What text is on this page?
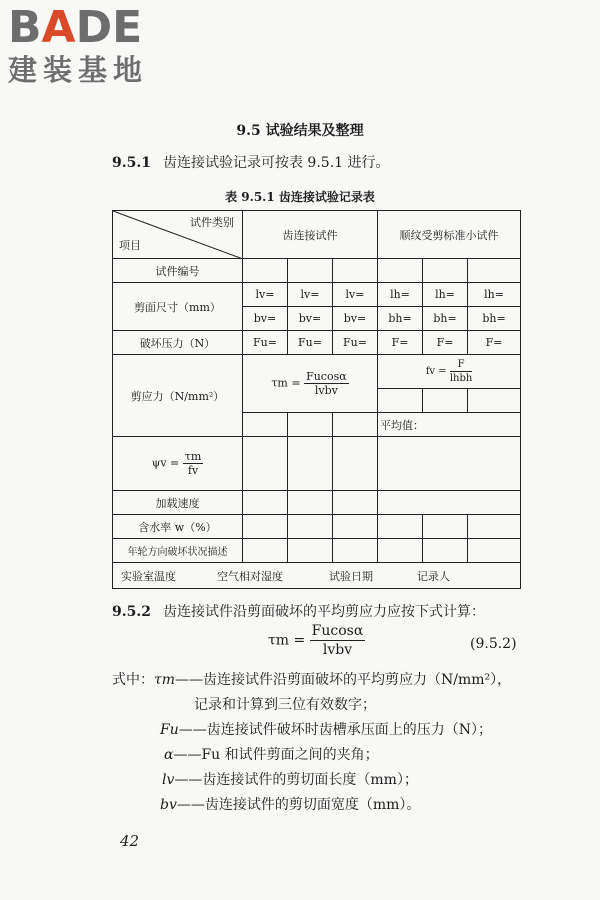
BADE
建装基地
9.5 试验结果及整理
9.5.1 齿连接试验记录可按表 9.5.1 进行。
表 9.5.1 齿连接试验记录表
试件类别
项目	齿连接试件			顺纹受剪标准小试件		
试件编号						
剪面尺寸（mm）	lv=	lv=	lv=	lh=	lh=	lh=
	bv=	bv=	bv=	bh=	bh=	bh=
破坏压力（N）	Fu=	Fu=	Fu=	F=	F=	F=
剪应力（N/mm²）	$\tau m = \frac{Fucos\alpha}{\text{lvbv}}$			fv = $\frac{F}{\text{lhbh}}$

				平均值：		
$\psi v = \frac{\tau m}{fv}$

加载速度						
含水率 w（%）						
年轮方向破坏状况描述						
实验室温度 空气相对湿度 试验日期 记录人						
9.5.2 齿连接试件沿剪面破坏的平均剪应力应按下式计算：
$\tau m = \frac{Fucos\alpha}{\text{lvbv}}$	(9.5.2)
式中：τm——齿连接试件沿剪面破坏的平均剪应力（N/mm²），
记录和计算到三位有效数字；
Fu——齿连接试件破坏时齿槽承压面上的压力（N）；
α——Fu 和试件剪面之间的夹角；
lv——齿连接试件的剪切面长度（mm）；
bv——齿连接试件的剪切面宽度（mm）。
42
